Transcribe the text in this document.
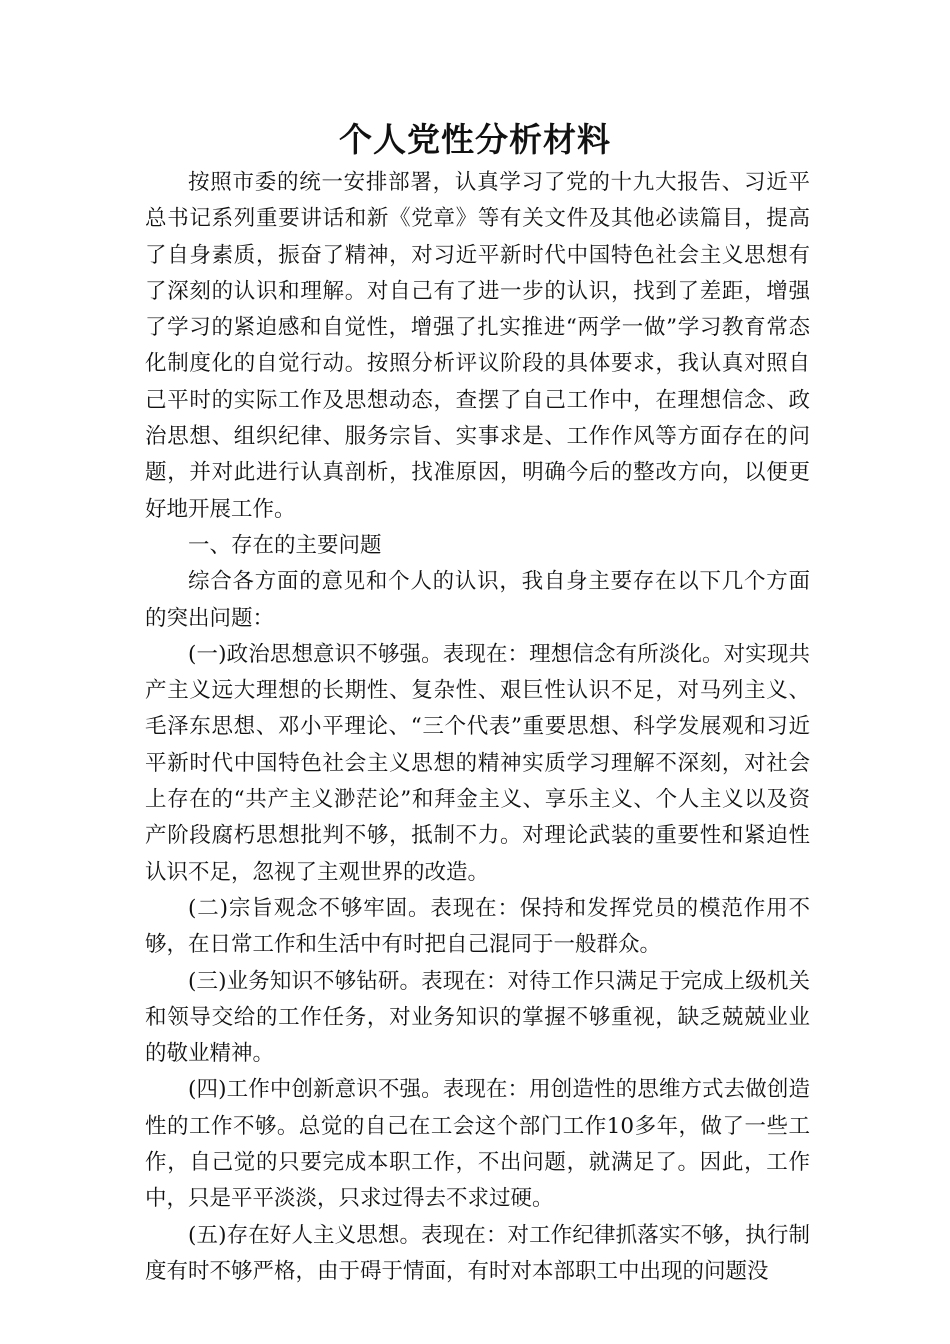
个人党性分析材料

按照市委的统一安排部署，认真学习了党的十九大报告、习近平总书记系列重要讲话和新《党章》等有关文件及其他必读篇目，提高了自身素质，振奋了精神，对习近平新时代中国特色社会主义思想有了深刻的认识和理解。对自己有了进一步的认识，找到了差距，增强了学习的紧迫感和自觉性，增强了扎实推进“两学一做”学习教育常态化制度化的自觉行动。按照分析评议阶段的具体要求，我认真对照自己平时的实际工作及思想动态，查摆了自己工作中，在理想信念、政治思想、组织纪律、服务宗旨、实事求是、工作作风等方面存在的问题，并对此进行认真剖析，找准原因，明确今后的整改方向，以便更好地开展工作。

一、存在的主要问题

综合各方面的意见和个人的认识，我自身主要存在以下几个方面的突出问题：

(一)政治思想意识不够强。表现在：理想信念有所淡化。对实现共产主义远大理想的长期性、复杂性、艰巨性认识不足，对马列主义、毛泽东思想、邓小平理论、“三个代表”重要思想、科学发展观和习近平新时代中国特色社会主义思想的精神实质学习理解不深刻，对社会上存在的“共产主义渺茫论”和拜金主义、享乐主义、个人主义以及资产阶段腐朽思想批判不够，抵制不力。对理论武装的重要性和紧迫性认识不足，忽视了主观世界的改造。

(二)宗旨观念不够牢固。表现在：保持和发挥党员的模范作用不够，在日常工作和生活中有时把自己混同于一般群众。

(三)业务知识不够钻研。表现在：对待工作只满足于完成上级机关和领导交给的工作任务，对业务知识的掌握不够重视，缺乏兢兢业业的敬业精神。

(四)工作中创新意识不强。表现在：用创造性的思维方式去做创造性的工作不够。总觉的自己在工会这个部门工作10多年，做了一些工作，自己觉的只要完成本职工作，不出问题，就满足了。因此，工作中，只是平平淡淡，只求过得去不求过硬。

(五)存在好人主义思想。表现在：对工作纪律抓落实不够，执行制度有时不够严格，由于碍于情面，有时对本部职工中出现的问题没
